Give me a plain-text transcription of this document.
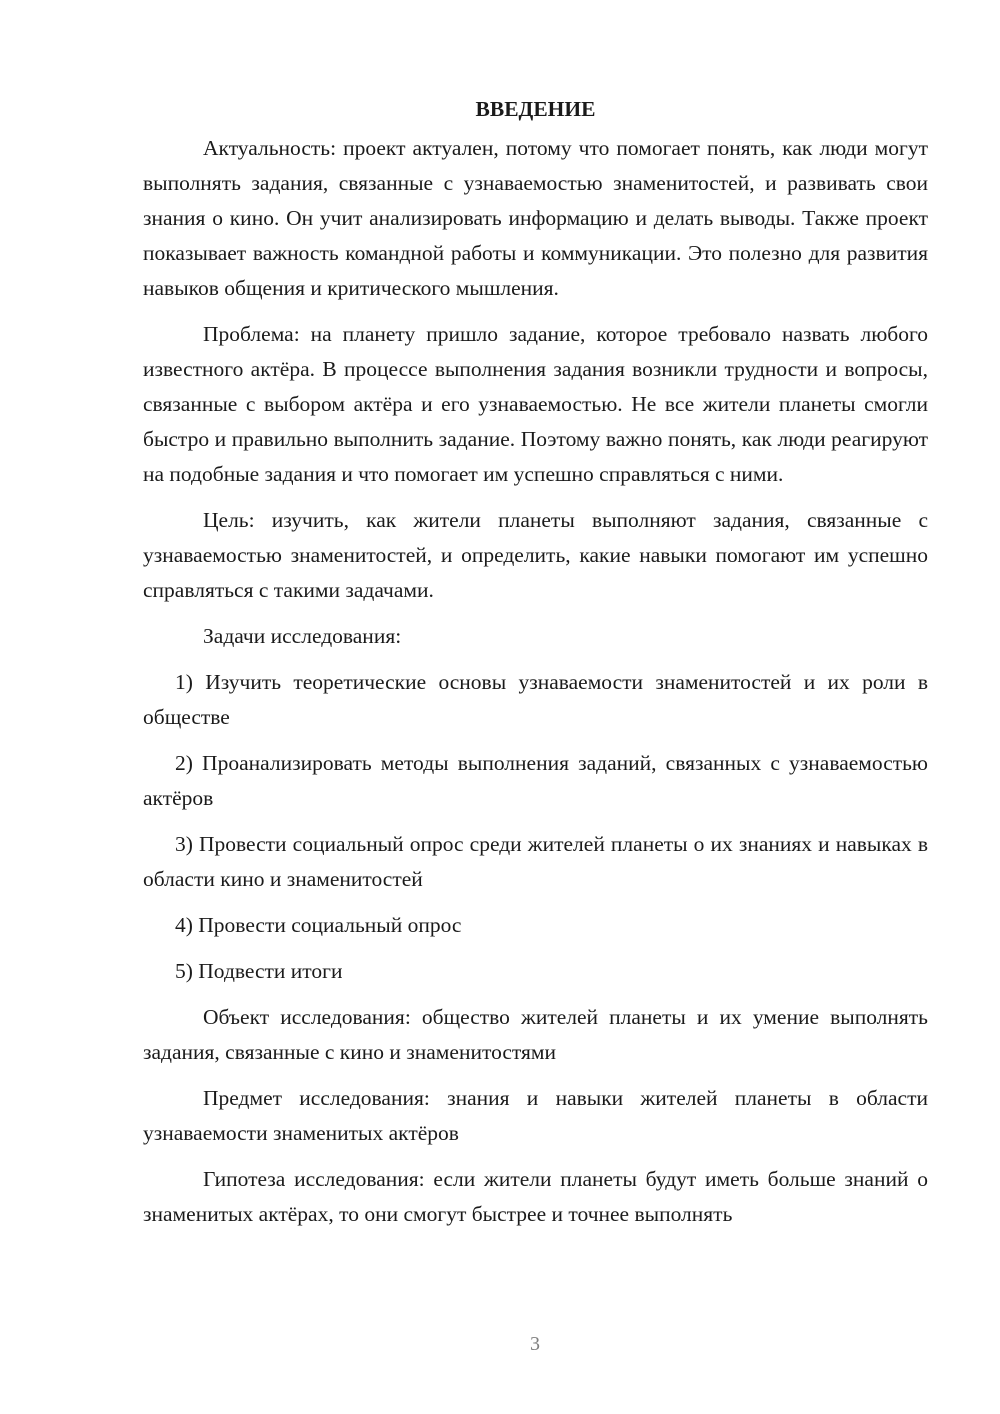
ВВЕДЕНИЕ

Актуальность: проект актуален, потому что помогает понять, как люди могут выполнять задания, связанные с узнаваемостью знаменитостей, и развивать свои знания о кино. Он учит анализировать информацию и делать выводы. Также проект показывает важность командной работы и коммуникации. Это полезно для развития навыков общения и критического мышления.

Проблема: на планету пришло задание, которое требовало назвать любого известного актёра. В процессе выполнения задания возникли трудности и вопросы, связанные с выбором актёра и его узнаваемостью. Не все жители планеты смогли быстро и правильно выполнить задание. Поэтому важно понять, как люди реагируют на подобные задания и что помогает им успешно справляться с ними.

Цель: изучить, как жители планеты выполняют задания, связанные с узнаваемостью знаменитостей, и определить, какие навыки помогают им успешно справляться с такими задачами.

Задачи исследования:

1) Изучить теоретические основы узнаваемости знаменитостей и их роли в обществе

2) Проанализировать методы выполнения заданий, связанных с узнаваемостью актёров

3) Провести социальный опрос среди жителей планеты о их знаниях и навыках в области кино и знаменитостей

4) Провести социальный опрос

5) Подвести итоги

Объект исследования: общество жителей планеты и их умение выполнять задания, связанные с кино и знаменитостями

Предмет исследования: знания и навыки жителей планеты в области узнаваемости знаменитых актёров

Гипотеза исследования: если жители планеты будут иметь больше знаний о знаменитых актёрах, то они смогут быстрее и точнее выполнять

3
